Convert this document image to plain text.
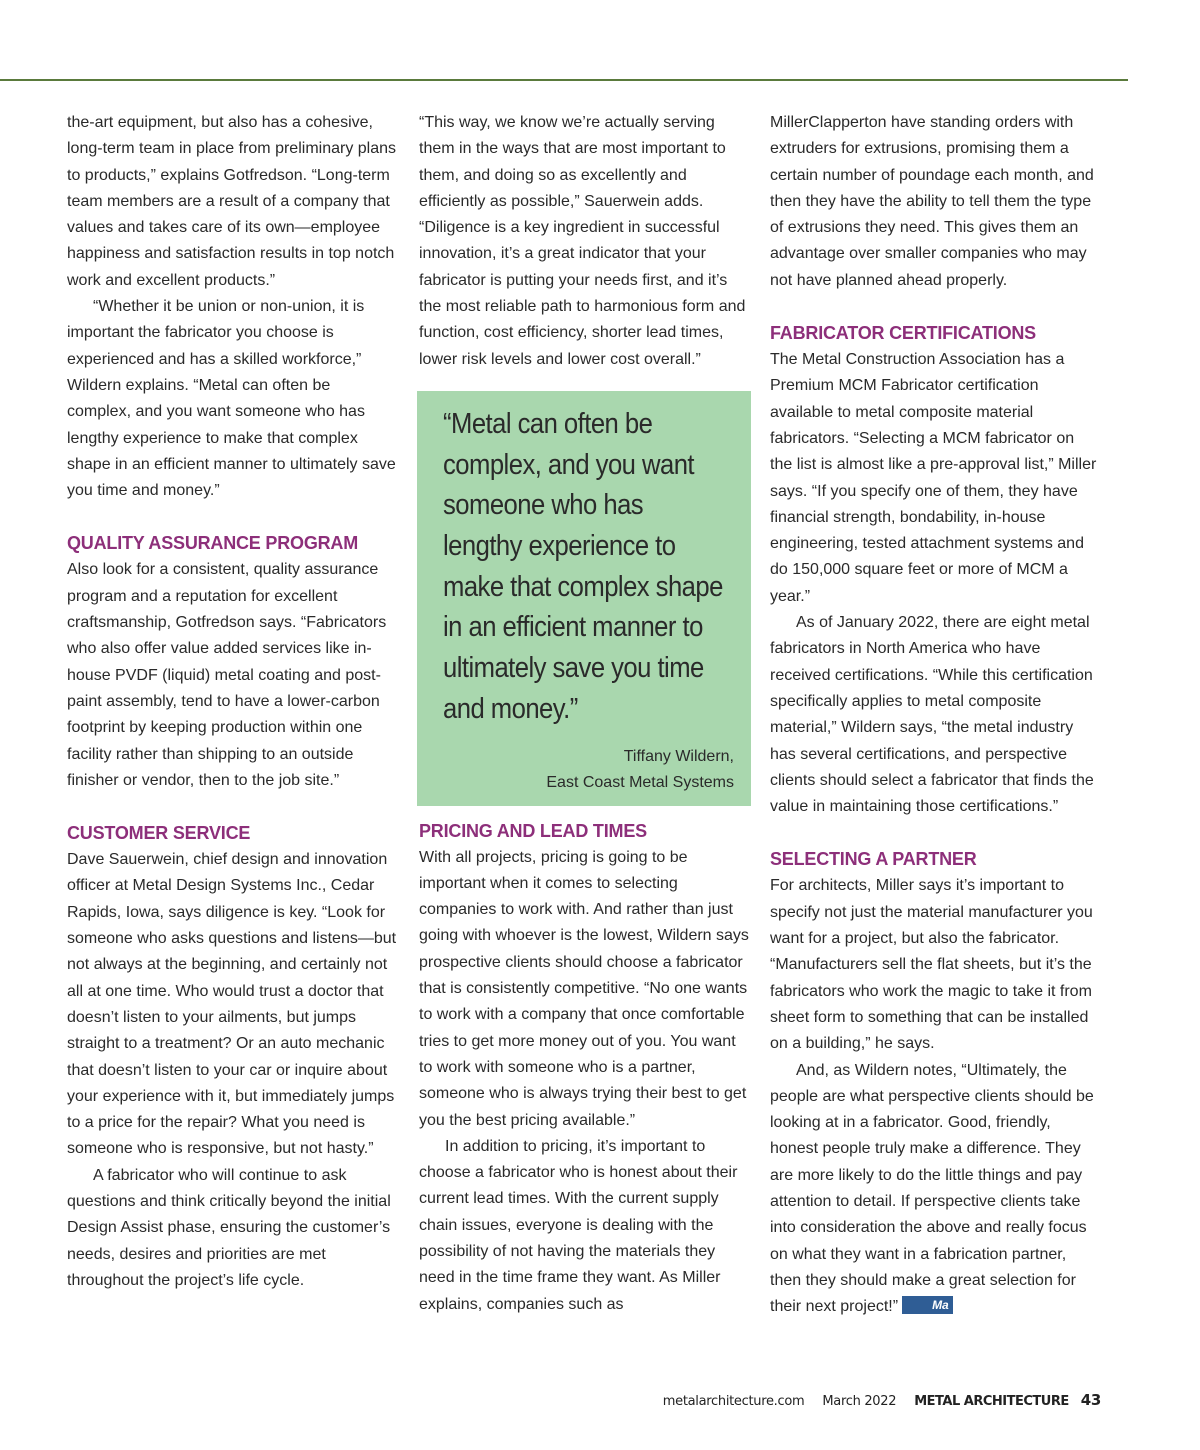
the-art equipment, but also has a cohesive, long-term team in place from preliminary plans to products,” explains Gotfredson. “Long-term team members are a result of a company that values and takes care of its own—employee happiness and satisfaction results in top notch work and excellent products.”

“Whether it be union or non-union, it is important the fabricator you choose is experienced and has a skilled workforce,” Wildern explains. “Metal can often be complex, and you want someone who has lengthy experience to make that complex shape in an efficient manner to ultimately save you time and money.”

QUALITY ASSURANCE PROGRAM

Also look for a consistent, quality assurance program and a reputation for excellent craftsmanship, Gotfredson says. “Fabricators who also offer value added services like in-house PVDF (liquid) metal coating and post-paint assembly, tend to have a lower-carbon footprint by keeping production within one facility rather than shipping to an outside finisher or vendor, then to the job site.”

CUSTOMER SERVICE

Dave Sauerwein, chief design and innovation officer at Metal Design Systems Inc., Cedar Rapids, Iowa, says diligence is key. “Look for someone who asks questions and listens—but not always at the beginning, and certainly not all at one time. Who would trust a doctor that doesn’t listen to your ailments, but jumps straight to a treatment? Or an auto mechanic that doesn’t listen to your car or inquire about your experience with it, but immediately jumps to a price for the repair? What you need is someone who is responsive, but not hasty.”

A fabricator who will continue to ask questions and think critically beyond the initial Design Assist phase, ensuring the customer’s needs, desires and priorities are met throughout the project’s life cycle.

“This way, we know we’re actually serving them in the ways that are most important to them, and doing so as excellently and efficiently as possible,” Sauerwein adds. “Diligence is a key ingredient in successful innovation, it’s a great indicator that your fabricator is putting your needs first, and it’s the most reliable path to harmonious form and function, cost efficiency, shorter lead times, lower risk levels and lower cost overall.”

“Metal can often be complex, and you want someone who has lengthy experience to make that complex shape in an efficient manner to ultimately save you time and money.”
Tiffany Wildern,
East Coast Metal Systems
PRICING AND LEAD TIMES

With all projects, pricing is going to be important when it comes to selecting companies to work with. And rather than just going with whoever is the lowest, Wildern says prospective clients should choose a fabricator that is consistently competitive. “No one wants to work with a company that once comfortable tries to get more money out of you. You want to work with someone who is a partner, someone who is always trying their best to get you the best pricing available.”

In addition to pricing, it’s important to choose a fabricator who is honest about their current lead times. With the current supply chain issues, everyone is dealing with the possibility of not having the materials they need in the time frame they want. As Miller explains, companies such as

MillerClapperton have standing orders with extruders for extrusions, promising them a certain number of poundage each month, and then they have the ability to tell them the type of extrusions they need. This gives them an advantage over smaller companies who may not have planned ahead properly.

FABRICATOR CERTIFICATIONS

The Metal Construction Association has a Premium MCM Fabricator certification available to metal composite material fabricators. “Selecting a MCM fabricator on the list is almost like a pre-approval list,” Miller says. “If you specify one of them, they have financial strength, bondability, in-house engineering, tested attachment systems and do 150,000 square feet or more of MCM a year.”

As of January 2022, there are eight metal fabricators in North America who have received certifications. “While this certification specifically applies to metal composite material,” Wildern says, “the metal industry has several certifications, and perspective clients should select a fabricator that finds the value in maintaining those certifications.”

SELECTING A PARTNER

For architects, Miller says it’s important to specify not just the material manufacturer you want for a project, but also the fabricator. “Manufacturers sell the flat sheets, but it’s the fabricators who work the magic to take it from sheet form to something that can be installed on a building,” he says.

And, as Wildern notes, “Ultimately, the people are what perspective clients should be looking at in a fabricator. Good, friendly, honest people truly make a difference. They are more likely to do the little things and pay attention to detail. If perspective clients take into consideration the above and really focus on what they want in a fabrication partner, then they should make a great selection for their next project!”	Ma

metalarchitecture.com March 2022 METAL ARCHITECTURE 43
